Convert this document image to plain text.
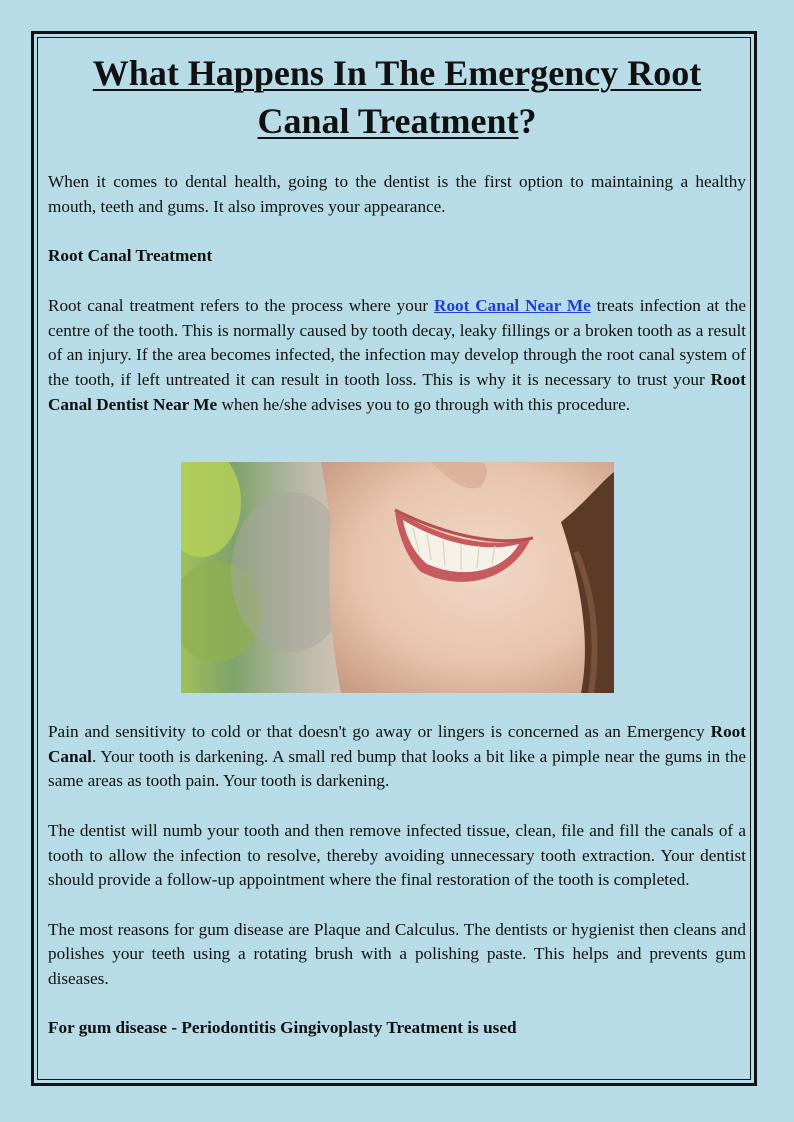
What Happens In The Emergency Root
Canal Treatment?

When it comes to dental health, going to the dentist is the first option to maintaining a healthy mouth, teeth and gums. It also improves your appearance.

Root Canal Treatment

Root canal treatment refers to the process where your Root Canal Near Me treats infection at the centre of the tooth. This is normally caused by tooth decay, leaky fillings or a broken tooth as a result of an injury. If the area becomes infected, the infection may develop through the root canal system of the tooth, if left untreated it can result in tooth loss. This is why it is necessary to trust your Root Canal Dentist Near Me when he/she advises you to go through with this procedure.

Pain and sensitivity to cold or that doesn't go away or lingers is concerned as an Emergency Root Canal. Your tooth is darkening. A small red bump that looks a bit like a pimple near the gums in the same areas as tooth pain. Your tooth is darkening.

The dentist will numb your tooth and then remove infected tissue, clean, file and fill the canals of a tooth to allow the infection to resolve, thereby avoiding unnecessary tooth extraction. Your dentist should provide a follow-up appointment where the final restoration of the tooth is completed.

The most reasons for gum disease are Plaque and Calculus. The dentists or hygienist then cleans and polishes your teeth using a rotating brush with a polishing paste. This helps and prevents gum diseases.

For gum disease - Periodontitis Gingivoplasty Treatment is used
